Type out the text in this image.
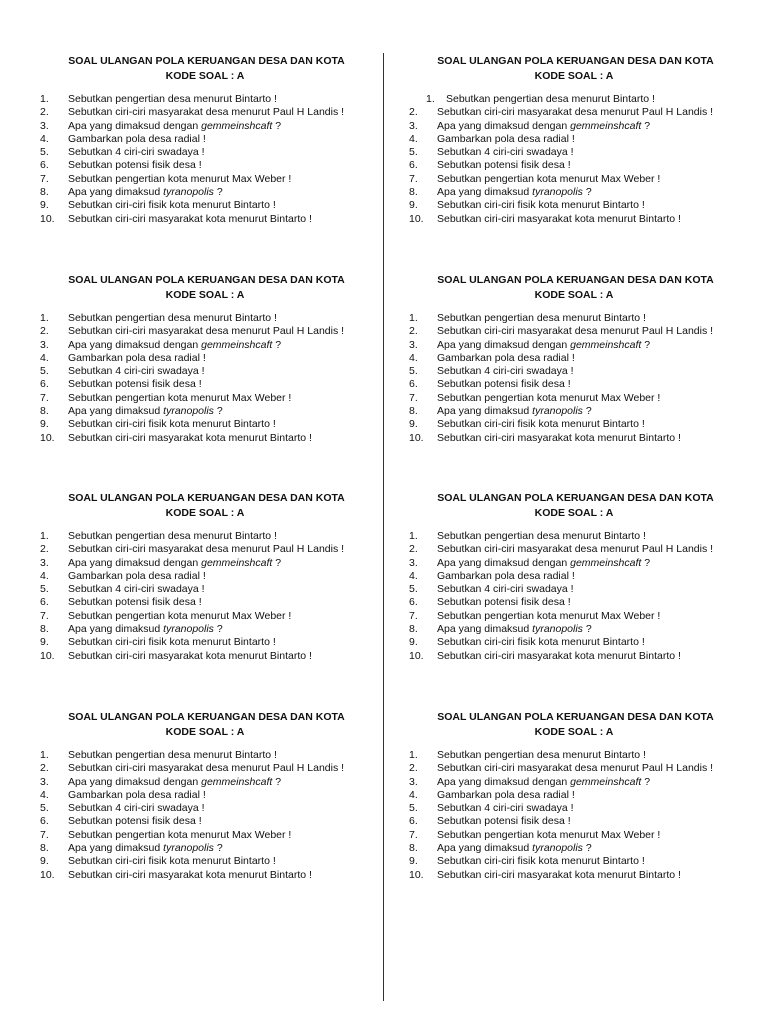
SOAL ULANGAN POLA KERUANGAN DESA DAN KOTA
KODE SOAL : A
1.	Sebutkan pengertian desa menurut Bintarto !
2.	Sebutkan ciri-ciri masyarakat desa menurut Paul H Landis !
3.	Apa yang dimaksud dengan gemmeinshcaft ?
4.	Gambarkan pola desa radial !
5.	Sebutkan 4 ciri-ciri swadaya !
6.	Sebutkan potensi fisik desa !
7.	Sebutkan pengertian kota menurut Max Weber !
8.	Apa yang dimaksud tyranopolis ?
9.	Sebutkan ciri-ciri fisik kota menurut Bintarto !
10.	Sebutkan ciri-ciri masyarakat kota menurut Bintarto !
SOAL ULANGAN POLA KERUANGAN DESA DAN KOTA
KODE SOAL : A
1.	Sebutkan pengertian desa menurut Bintarto !
2.	Sebutkan ciri-ciri masyarakat desa menurut Paul H Landis !
3.	Apa yang dimaksud dengan gemmeinshcaft ?
4.	Gambarkan pola desa radial !
5.	Sebutkan 4 ciri-ciri swadaya !
6.	Sebutkan potensi fisik desa !
7.	Sebutkan pengertian kota menurut Max Weber !
8.	Apa yang dimaksud tyranopolis ?
9.	Sebutkan ciri-ciri fisik kota menurut Bintarto !
10.	Sebutkan ciri-ciri masyarakat kota menurut Bintarto !
SOAL ULANGAN POLA KERUANGAN DESA DAN KOTA
KODE SOAL : A
1.	Sebutkan pengertian desa menurut Bintarto !
2.	Sebutkan ciri-ciri masyarakat desa menurut Paul H Landis !
3.	Apa yang dimaksud dengan gemmeinshcaft ?
4.	Gambarkan pola desa radial !
5.	Sebutkan 4 ciri-ciri swadaya !
6.	Sebutkan potensi fisik desa !
7.	Sebutkan pengertian kota menurut Max Weber !
8.	Apa yang dimaksud tyranopolis ?
9.	Sebutkan ciri-ciri fisik kota menurut Bintarto !
10.	Sebutkan ciri-ciri masyarakat kota menurut Bintarto !
SOAL ULANGAN POLA KERUANGAN DESA DAN KOTA
KODE SOAL : A
1.	Sebutkan pengertian desa menurut Bintarto !
2.	Sebutkan ciri-ciri masyarakat desa menurut Paul H Landis !
3.	Apa yang dimaksud dengan gemmeinshcaft ?
4.	Gambarkan pola desa radial !
5.	Sebutkan 4 ciri-ciri swadaya !
6.	Sebutkan potensi fisik desa !
7.	Sebutkan pengertian kota menurut Max Weber !
8.	Apa yang dimaksud tyranopolis ?
9.	Sebutkan ciri-ciri fisik kota menurut Bintarto !
10.	Sebutkan ciri-ciri masyarakat kota menurut Bintarto !
SOAL ULANGAN POLA KERUANGAN DESA DAN KOTA
KODE SOAL : A
1.	Sebutkan pengertian desa menurut Bintarto !
2.	Sebutkan ciri-ciri masyarakat desa menurut Paul H Landis !
3.	Apa yang dimaksud dengan gemmeinshcaft ?
4.	Gambarkan pola desa radial !
5.	Sebutkan 4 ciri-ciri swadaya !
6.	Sebutkan potensi fisik desa !
7.	Sebutkan pengertian kota menurut Max Weber !
8.	Apa yang dimaksud tyranopolis ?
9.	Sebutkan ciri-ciri fisik kota menurut Bintarto !
10.	Sebutkan ciri-ciri masyarakat kota menurut Bintarto !
SOAL ULANGAN POLA KERUANGAN DESA DAN KOTA
KODE SOAL : A
1.	Sebutkan pengertian desa menurut Bintarto !
2.	Sebutkan ciri-ciri masyarakat desa menurut Paul H Landis !
3.	Apa yang dimaksud dengan gemmeinshcaft ?
4.	Gambarkan pola desa radial !
5.	Sebutkan 4 ciri-ciri swadaya !
6.	Sebutkan potensi fisik desa !
7.	Sebutkan pengertian kota menurut Max Weber !
8.	Apa yang dimaksud tyranopolis ?
9.	Sebutkan ciri-ciri fisik kota menurut Bintarto !
10.	Sebutkan ciri-ciri masyarakat kota menurut Bintarto !
SOAL ULANGAN POLA KERUANGAN DESA DAN KOTA
KODE SOAL : A
1.	Sebutkan pengertian desa menurut Bintarto !
2.	Sebutkan ciri-ciri masyarakat desa menurut Paul H Landis !
3.	Apa yang dimaksud dengan gemmeinshcaft ?
4.	Gambarkan pola desa radial !
5.	Sebutkan 4 ciri-ciri swadaya !
6.	Sebutkan potensi fisik desa !
7.	Sebutkan pengertian kota menurut Max Weber !
8.	Apa yang dimaksud tyranopolis ?
9.	Sebutkan ciri-ciri fisik kota menurut Bintarto !
10.	Sebutkan ciri-ciri masyarakat kota menurut Bintarto !
SOAL ULANGAN POLA KERUANGAN DESA DAN KOTA
KODE SOAL : A
1.	Sebutkan pengertian desa menurut Bintarto !
2.	Sebutkan ciri-ciri masyarakat desa menurut Paul H Landis !
3.	Apa yang dimaksud dengan gemmeinshcaft ?
4.	Gambarkan pola desa radial !
5.	Sebutkan 4 ciri-ciri swadaya !
6.	Sebutkan potensi fisik desa !
7.	Sebutkan pengertian kota menurut Max Weber !
8.	Apa yang dimaksud tyranopolis ?
9.	Sebutkan ciri-ciri fisik kota menurut Bintarto !
10.	Sebutkan ciri-ciri masyarakat kota menurut Bintarto !
